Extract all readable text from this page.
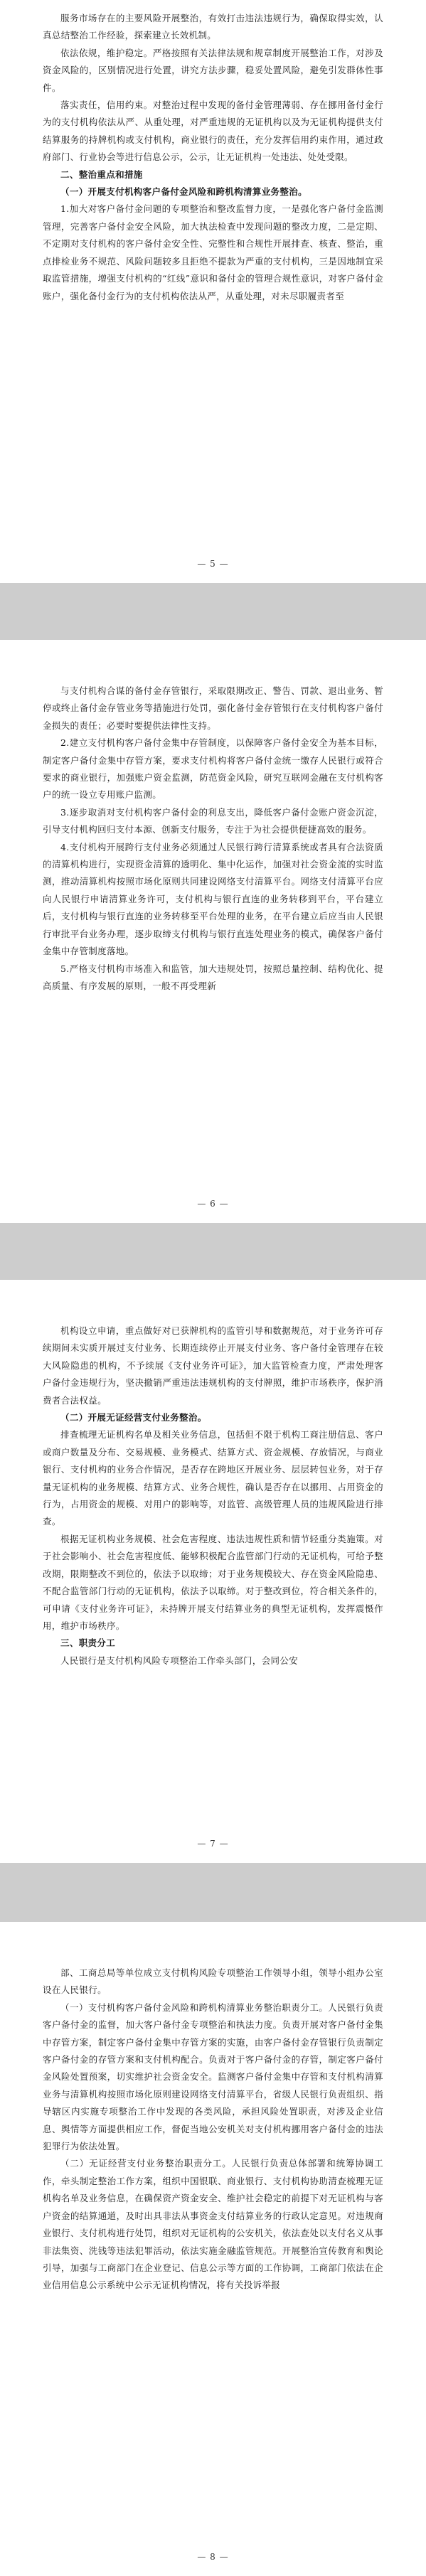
服务市场存在的主要风险开展整治，有效打击违法违规行为，确保取得实效，认真总结整治工作经验，探索建立长效机制。

依法依规，维护稳定。严格按照有关法律法规和规章制度开展整治工作，对涉及资金风险的，区别情况进行处置，讲究方法步骤，稳妥处置风险，避免引发群体性事件。

落实责任，信用约束。对整治过程中发现的备付金管理薄弱、存在挪用备付金行为的支付机构依法从严、从重处理，对严重违规的无证机构以及为无证机构提供支付结算服务的持牌机构或支付机构，商业银行的责任，充分发挥信用约束作用，通过政府部门、行业协会等进行信息公示，公示，让无证机构一处违法、处处受限。

二、整治重点和措施

（一）开展支付机构客户备付金风险和跨机构清算业务整治。

1.加大对客户备付金问题的专项整治和整改监督力度，一是强化客户备付金监测管理，完善客户备付金安全风险，加大执法检查中发现问题的整改力度，二是定期、不定期对支付机构的客户备付金安全性、完整性和合规性开展排查、核查、整治，重点排检业务不规范、风险问题较多且拒绝不提款为严重的支付机构，三是因地制宜采取监管措施，增强支付机构的“红线”意识和备付金的管理合规性意识，对客户备付金账户，强化备付金行为的支付机构依法从严，从重处理，对未尽职履责者至

— 5 —

与支付机构合谋的备付金存管银行，采取限期改正、警告、罚款、退出业务、暂停或终止备付金存管业务等措施进行处罚，强化备付金存管银行在支付机构客户备付金损失的责任；必要时要提供法律性支持。

2.建立支付机构客户备付金集中存管制度，以保障客户备付金安全为基本目标，制定客户备付金集中存管方案，要求支付机构将客户备付金统一缴存人民银行或符合要求的商业银行，加强账户资金监测，防范资金风险，研究互联网金融在支付机构客户的统一设立专用账户监测。

3.逐步取消对支付机构客户备付金的利息支出，降低客户备付金账户资金沉淀，引导支付机构回归支付本源、创新支付服务，专注于为社会提供便捷高效的服务。

4.支付机构开展跨行支付业务必须通过人民银行跨行清算系统或者具有合法资质的清算机构进行，实现资金清算的透明化、集中化运作，加强对社会资金流的实时监测，推动清算机构按照市场化原则共同建设网络支付清算平台。网络支付清算平台应向人民银行申请清算业务许可，支付机构与银行直连的业务转移到平台，平台建立后，支付机构与银行直连的业务转移至平台处理的业务，在平台建立后应当由人民银行审批平台业务办理，逐步取缔支付机构与银行直连处理业务的模式，确保客户备付金集中存管制度落地。

5.严格支付机构市场准入和监管，加大违规处罚，按照总量控制、结构优化、提高质量、有序发展的原则，一般不再受理新

— 6 —

机构设立申请，重点做好对已获牌机构的监管引导和数据规范，对于业务许可存续期间未实质开展过支付业务、长期连续停止开展支付业务、客户备付金管理存在较大风险隐患的机构，不予续展《支付业务许可证》，加大监管检查力度，严肃处理客户备付金违规行为，坚决撤销严重违法违规机构的支付牌照，维护市场秩序，保护消费者合法权益。

（二）开展无证经营支付业务整治。

排查梳理无证机构名单及相关业务信息，包括但不限于机构工商注册信息、客户或商户数量及分布、交易规模、业务模式、结算方式、资金规模、存放情况，与商业银行、支付机构的业务合作情况，是否存在跨地区开展业务、层层转包业务，对于存量无证机构的业务规模、结算方式、业务合规性，确认是否存在以挪用、占用资金的行为，占用资金的规模、对用户的影响等，对监管、高级管理人员的违规风险进行排查。

根据无证机构业务规模、社会危害程度、违法违规性质和情节轻重分类施策。对于社会影响小、社会危害程度低、能够积极配合监管部门行动的无证机构，可给予整改期，限期整改不到位的，依法予以取缔；对于业务规模较大、存在资金风险隐患、不配合监管部门行动的无证机构，依法予以取缔。对于整改到位，符合相关条件的，可申请《支付业务许可证》，未持牌开展支付结算业务的典型无证机构，发挥震慑作用，维护市场秩序。

三、职责分工

人民银行是支付机构风险专项整治工作牵头部门，会同公安

— 7 —

部、工商总局等单位成立支付机构风险专项整治工作领导小组，领导小组办公室设在人民银行。

（一）支付机构客户备付金风险和跨机构清算业务整治职责分工。人民银行负责客户备付金的监督，加大客户备付金专项整治和执法力度。负责开展对客户备付金集中存管方案，制定客户备付金集中存管方案的实施，由客户备付金存管银行负责制定客户备付金的存管方案和支付机构配合。负责对于客户备付金的存管，制定客户备付金风险处置预案，切实维护社会资金安全。监测客户备付金集中存管和支付机构清算业务与清算机构按照市场化原则建设网络支付清算平台，省级人民银行负责组织、指导辖区内实施专项整治工作中发现的各类风险，承担风险处置职责，对涉及企业信息、舆情等方面提供相应工作，督促当地公安机关对支付机构挪用客户备付金的违法犯罪行为依法处置。

（二）无证经营支付业务整治职责分工。人民银行负责总体部署和统筹协调工作，牵头制定整治工作方案，组织中国银联、商业银行、支付机构协助清查梳理无证机构名单及业务信息，在确保资产资金安全、维护社会稳定的前提下对无证机构与客户资金的结算通道，及时出具非法从事资金支付结算业务的行政认定意见。对违规商业银行、支付机构进行处罚，组织对无证机构的公安机关，依法查处以支付名义从事非法集资、洗钱等违法犯罪活动，依法实施金融监管规范。开展整治宣传教育和舆论引导，加强与工商部门在企业登记、信息公示等方面的工作协调，工商部门依法在企业信用信息公示系统中公示无证机构情况，将有关投诉举报

— 8 —
